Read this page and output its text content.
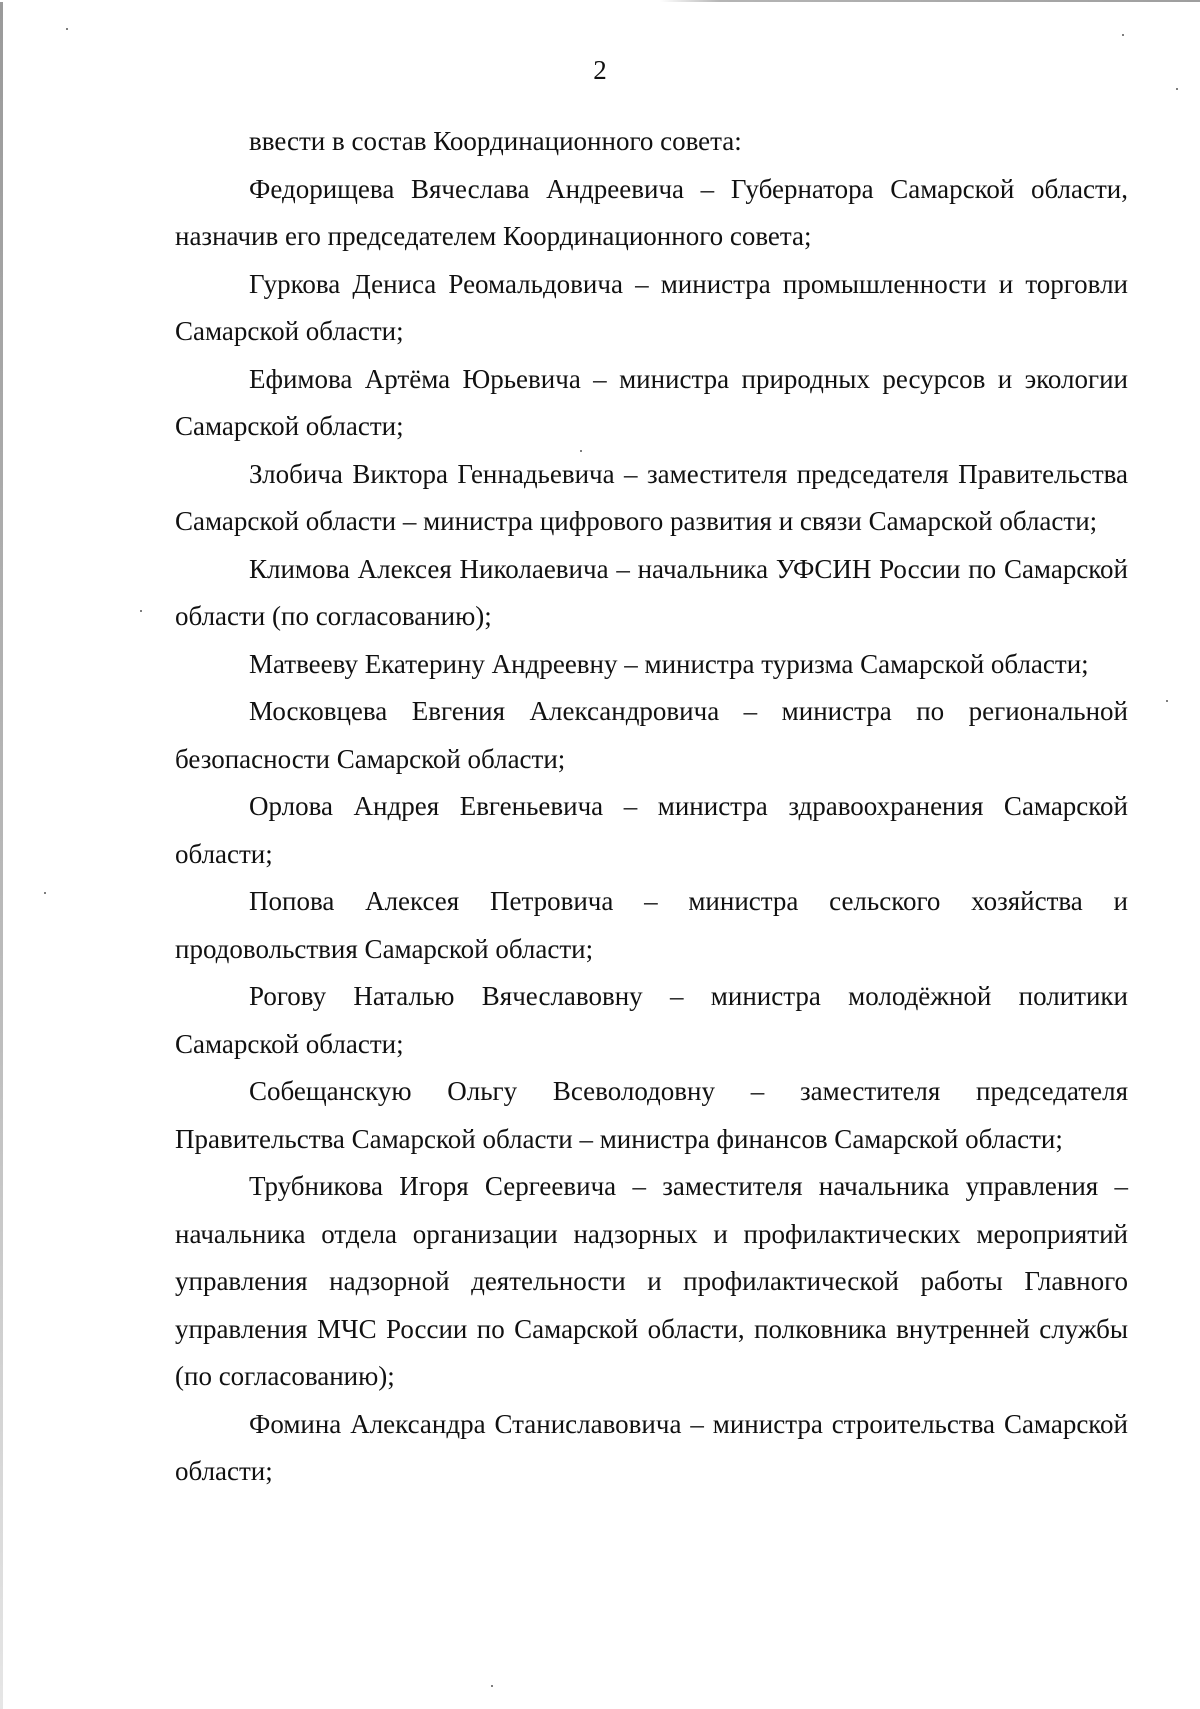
2

ввести в состав Координационного совета:

Федорищева Вячеслава Андреевича – Губернатора Самарской области, назначив его председателем Координационного совета;

Гуркова Дениса Реомальдовича – министра промышленности и торговли Самарской области;

Ефимова Артёма Юрьевича – министра природных ресурсов и экологии Самарской области;

Злобича Виктора Геннадьевича – заместителя председателя Правительства Самарской области – министра цифрового развития и связи Самарской области;

Климова Алексея Николаевича – начальника УФСИН России по Самарской области (по согласованию);

Матвееву Екатерину Андреевну – министра туризма Самарской области;

Московцева Евгения Александровича – министра по региональной безопасности Самарской области;

Орлова Андрея Евгеньевича – министра здравоохранения Самарской области;

Попова Алексея Петровича – министра сельского хозяйства и продовольствия Самарской области;

Рогову Наталью Вячеславовну – министра молодёжной политики Самарской области;

Собещанскую Ольгу Всеволодовну – заместителя председателя Правительства Самарской области – министра финансов Самарской области;

Трубникова Игоря Сергеевича – заместителя начальника управления – начальника отдела организации надзорных и профилактических мероприятий управления надзорной деятельности и профилактической работы Главного управления МЧС России по Самарской области, полковника внутренней службы (по согласованию);

Фомина Александра Станиславовича – министра строительства Самарской области;
